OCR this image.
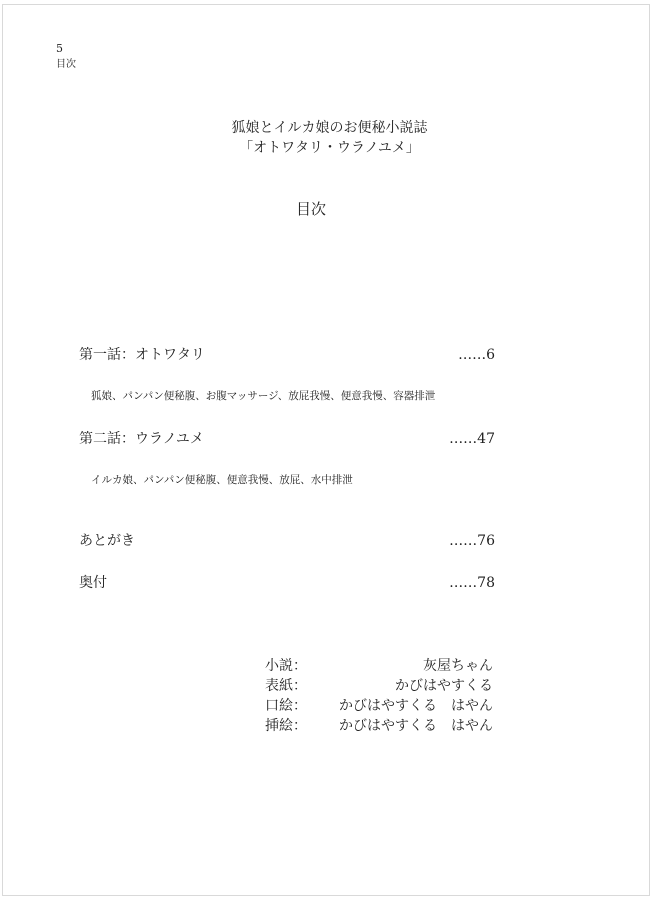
5
目次
狐娘とイルカ娘のお便秘小説誌
「オトワタリ・ウラノユメ」
目次
第一話：オトワタリ	……6
狐娘、パンパン便秘腹、お腹マッサージ、放屁我慢、便意我慢、容器排泄
第二話：ウラノユメ	……47
イルカ娘、パンパン便秘腹、便意我慢、放屁、水中排泄
あとがき	……76
奥付	……78
小説：	灰屋ちゃん
表紙：	かびはやすくる
口絵： かびはやすくる　はやん
挿絵： かびはやすくる　はやん
